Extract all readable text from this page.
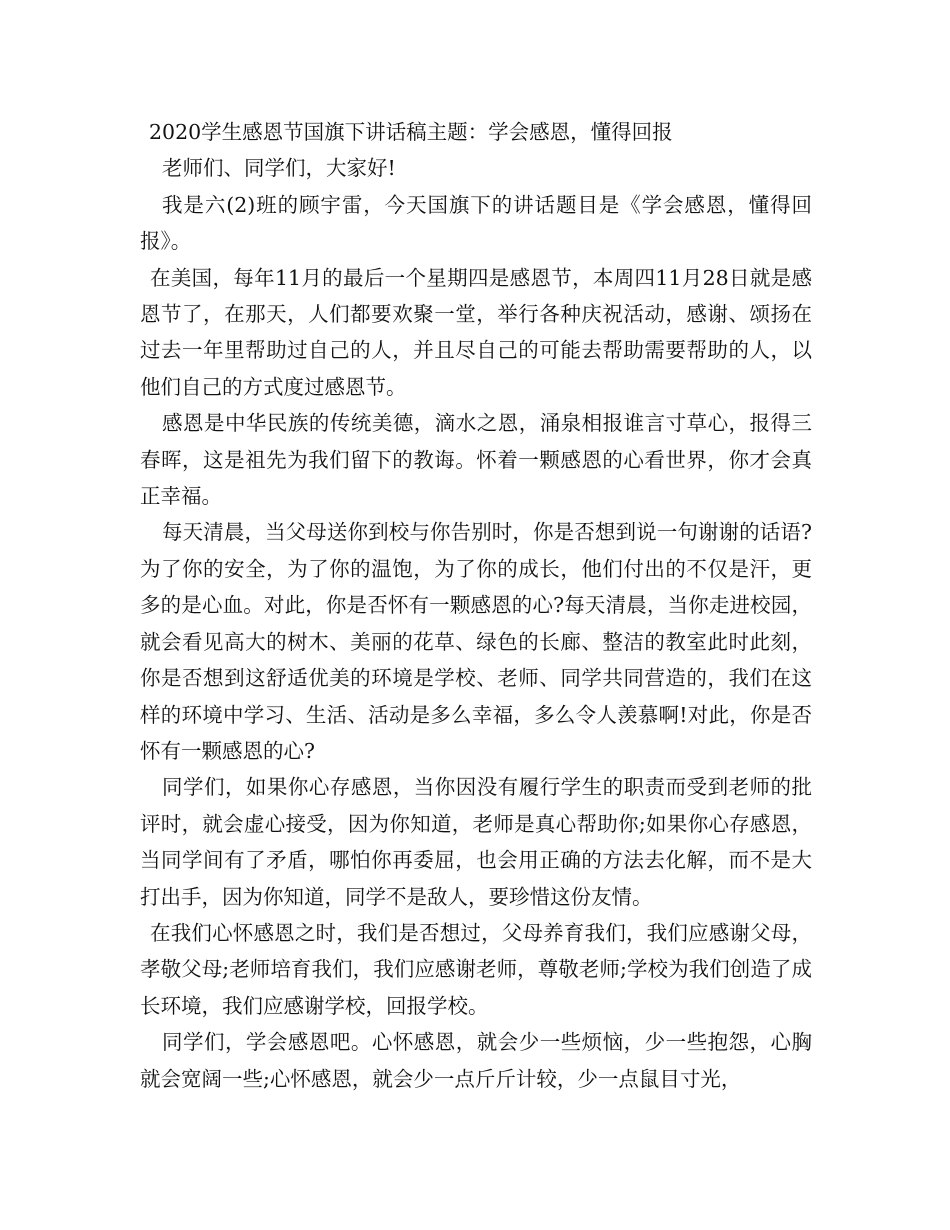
2020学生感恩节国旗下讲话稿主题：学会感恩，懂得回报

老师们、同学们，大家好!

我是六(2)班的顾宇雷，今天国旗下的讲话题目是《学会感恩，懂得回报》。

在美国，每年11月的最后一个星期四是感恩节，本周四11月28日就是感恩节了，在那天，人们都要欢聚一堂，举行各种庆祝活动，感谢、颂扬在过去一年里帮助过自己的人，并且尽自己的可能去帮助需要帮助的人，以他们自己的方式度过感恩节。

感恩是中华民族的传统美德，滴水之恩，涌泉相报谁言寸草心，报得三春晖，这是祖先为我们留下的教诲。怀着一颗感恩的心看世界，你才会真正幸福。

每天清晨，当父母送你到校与你告别时，你是否想到说一句谢谢的话语?为了你的安全，为了你的温饱，为了你的成长，他们付出的不仅是汗，更多的是心血。对此，你是否怀有一颗感恩的心?每天清晨，当你走进校园，就会看见高大的树木、美丽的花草、绿色的长廊、整洁的教室此时此刻，你是否想到这舒适优美的环境是学校、老师、同学共同营造的，我们在这样的环境中学习、生活、活动是多么幸福，多么令人羡慕啊!对此，你是否怀有一颗感恩的心?

同学们，如果你心存感恩，当你因没有履行学生的职责而受到老师的批评时，就会虚心接受，因为你知道，老师是真心帮助你;如果你心存感恩，当同学间有了矛盾，哪怕你再委屈，也会用正确的方法去化解，而不是大打出手，因为你知道，同学不是敌人，要珍惜这份友情。

在我们心怀感恩之时，我们是否想过，父母养育我们，我们应感谢父母，孝敬父母;老师培育我们，我们应感谢老师，尊敬老师;学校为我们创造了成长环境，我们应感谢学校，回报学校。

同学们，学会感恩吧。心怀感恩，就会少一些烦恼，少一些抱怨，心胸就会宽阔一些;心怀感恩，就会少一点斤斤计较，少一点鼠目寸光，
